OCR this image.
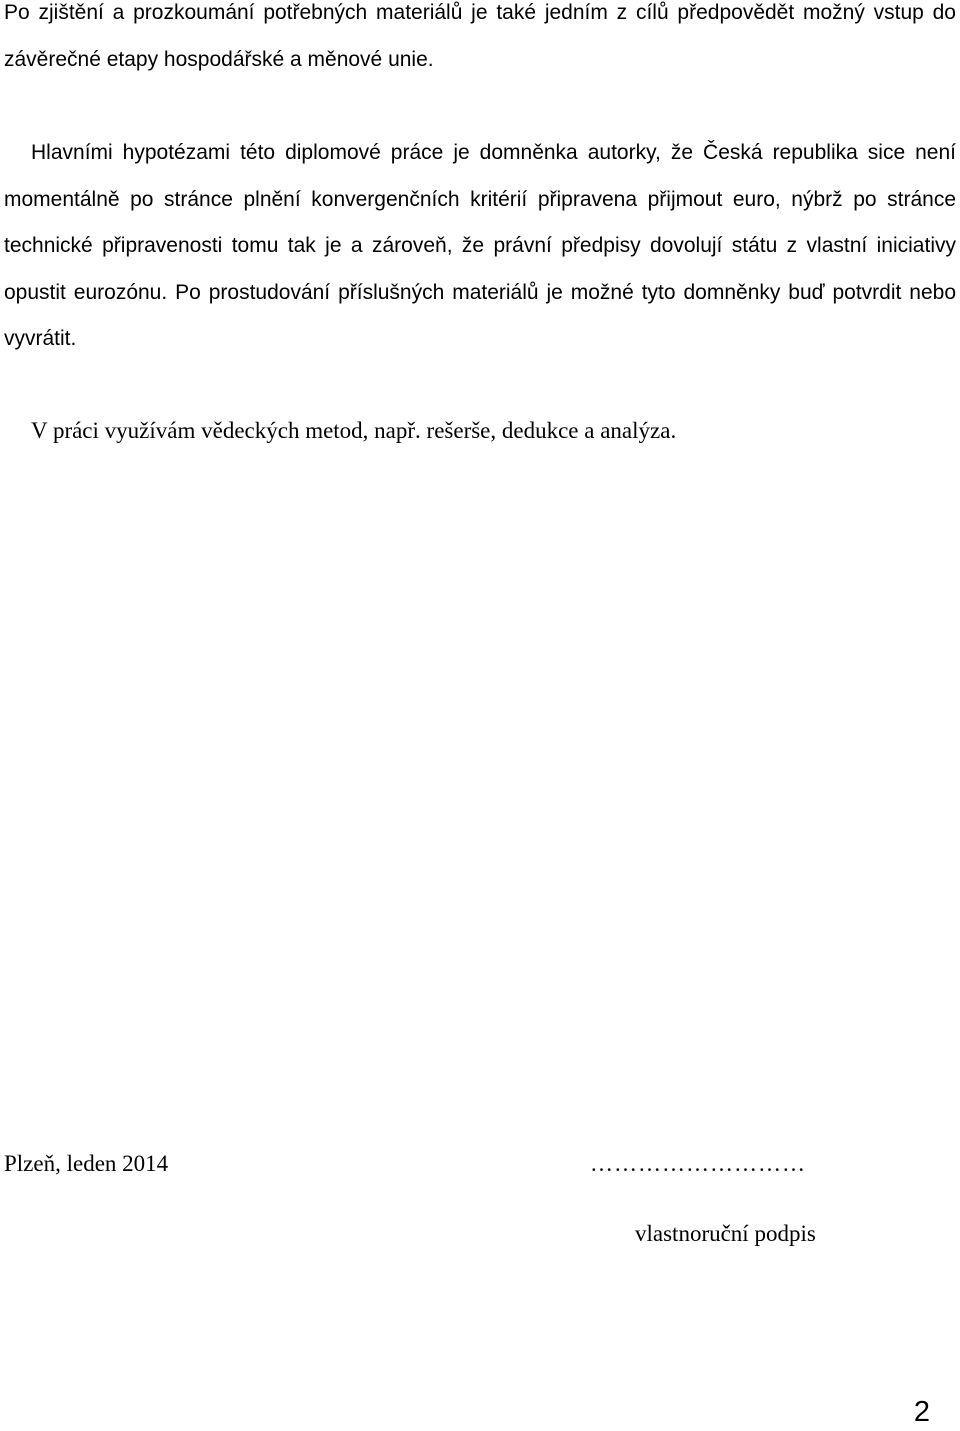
Po zjištění a prozkoumání potřebných materiálů je také jedním z cílů předpovědět možný vstup do závěrečné etapy hospodářské a měnové unie.

Hlavními hypotézami této diplomové práce je domněnka autorky, že Česká republika sice není momentálně po stránce plnění konvergenčních kritérií připravena přijmout euro, nýbrž po stránce technické připravenosti tomu tak je a zároveň, že právní předpisy dovolují státu z vlastní iniciativy opustit eurozónu. Po prostudování příslušných materiálů je možné tyto domněnky buď potvrdit nebo vyvrátit.

V práci využívám vědeckých metod, např. rešerše, dedukce a analýza.

Plzeň, leden 2014	………………………
vlastnoruční podpis
2
